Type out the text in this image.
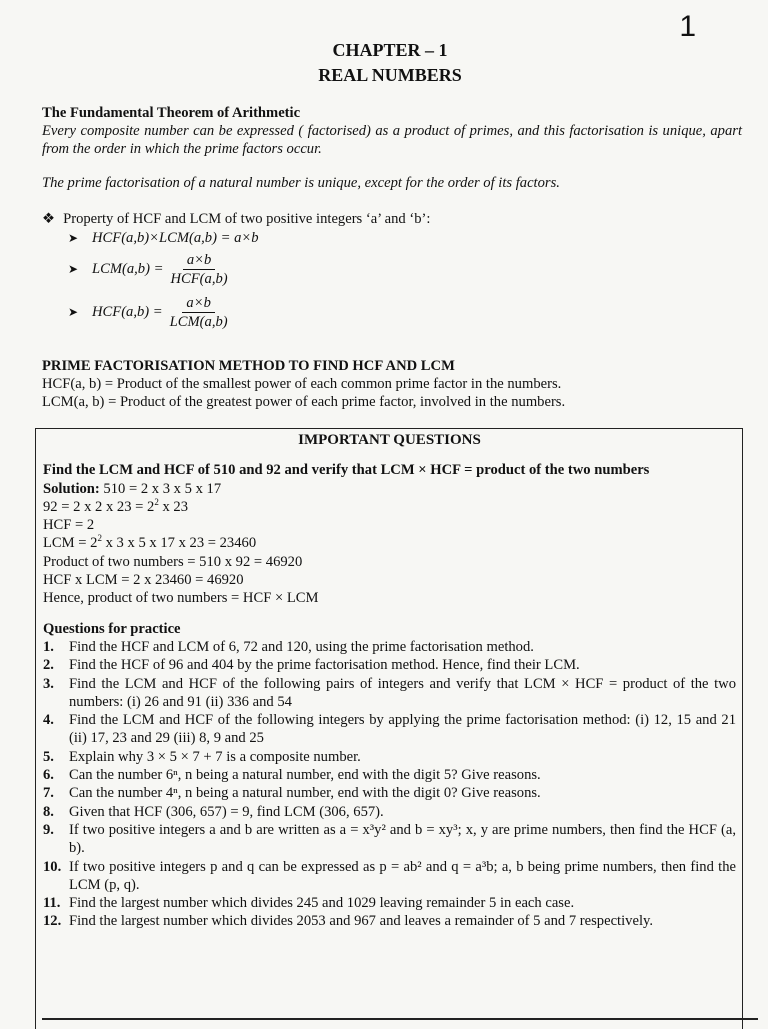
1
CHAPTER – 1
REAL NUMBERS
The Fundamental Theorem of Arithmetic
Every composite number can be expressed ( factorised) as a product of primes, and this factorisation is unique, apart from the order in which the prime factors occur.
The prime factorisation of a natural number is unique, except for the order of its factors.
❖ Property of HCF and LCM of two positive integers ‘a’ and ‘b’:
➤ HCF(a,b)×LCM(a,b) = a×b
➤ $LCM(a,b) = \frac{a\times b}{\text{HCF(a,b)}}$
➤ $HCF(a,b) = \frac{a\times b}{\text{LCM(a,b)}}$
PRIME FACTORISATION METHOD TO FIND HCF AND LCM
HCF(a, b) = Product of the smallest power of each common prime factor in the numbers.
LCM(a, b) = Product of the greatest power of each prime factor, involved in the numbers.
IMPORTANT QUESTIONS
Find the LCM and HCF of 510 and 92 and verify that LCM × HCF = product of the two numbers
Solution: 510 = 2 x 3 x 5 x 17
92 = 2 x 2 x $23 = 2^2$ x 23
HCF = 2
LCM = $2^2$ x 3 x 5 x 17 x 23 = 23460
Product of two numbers = 510 x 92 = 46920
HCF x LCM = 2 x 23460 = 46920
Hence, product of two numbers = HCF × LCM
Questions for practice
1.	Find the HCF and LCM of 6, 72 and 120, using the prime factorisation method.
2.	Find the HCF of 96 and 404 by the prime factorisation method. Hence, find their LCM.
3.	Find the LCM and HCF of the following pairs of integers and verify that LCM × HCF = product of the two numbers: (i) 26 and 91 (ii) 336 and 54
4.	Find the LCM and HCF of the following integers by applying the prime factorisation method: (i) 12, 15 and 21 (ii) 17, 23 and 29 (iii) 8, 9 and 25
5.	Explain why 3 × 5 × 7 + 7 is a composite number.
6.	Can the number 6ⁿ, n being a natural number, end with the digit 5? Give reasons.
7.	Can the number 4ⁿ, n being a natural number, end with the digit 0? Give reasons.
8.	Given that HCF (306, 657) = 9, find LCM (306, 657).
9.	If two positive integers a and b are written as a = x³y² and b = xy³; x, y are prime numbers, then find the HCF (a, b).
10. If two positive integers p and q can be expressed as p = ab² and q = a³b; a, b being prime numbers, then find the LCM (p, q).
11. Find the largest number which divides 245 and 1029 leaving remainder 5 in each case.
12. Find the largest number which divides 2053 and 967 and leaves a remainder of 5 and 7 respectively.
